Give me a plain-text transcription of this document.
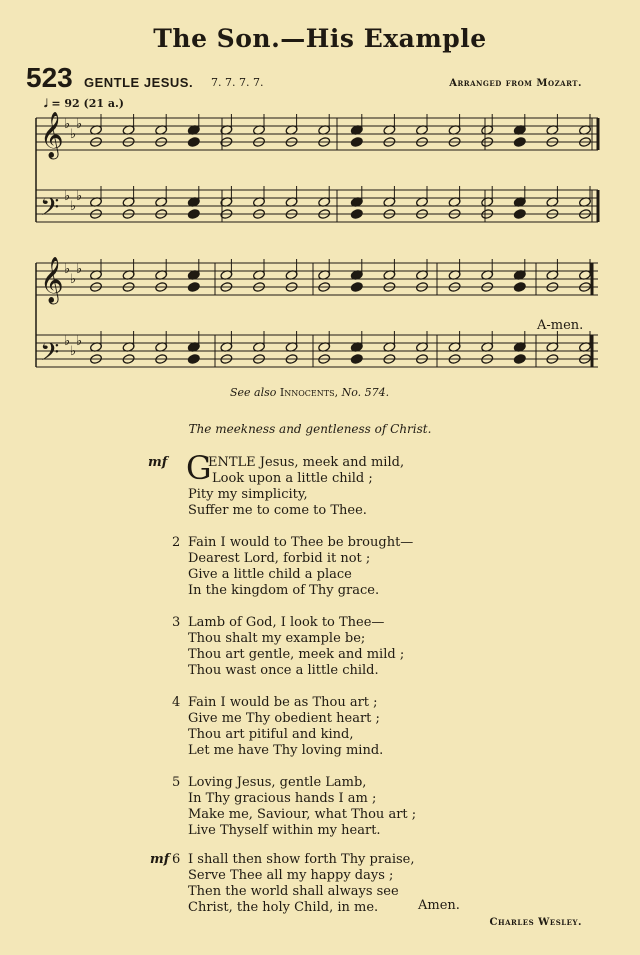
The Son.—His Example
523 GENTLE JESUS. 7. 7. 7. 7.	Arranged from Mozart.
𝅗𝅥 = 92 (21 a.)
𝄞 ♭
♭
♭
𝄢 ♭
♭
♭
𝄞 ♭
♭
♭
𝄢 ♭
♭
♭
A-men.
See also Innocents, No. 574.
The meekness and gentleness of Christ.
mf G
ENTLE Jesus, meek and mild,
Look upon a little child ;
Pity my simplicity,
Suffer me to come to Thee.
2 Fain I would to Thee be brought—
Dearest Lord, forbid it not ;
Give a little child a place
In the kingdom of Thy grace.
3 Lamb of God, I look to Thee—
Thou shalt my example be;
Thou art gentle, meek and mild ;
Thou wast once a little child.
4 Fain I would be as Thou art ;
Give me Thy obedient heart ;
Thou art pitiful and kind,
Let me have Thy loving mind.
5 Loving Jesus, gentle Lamb,
In Thy gracious hands I am ;
Make me, Saviour, what Thou art ;
Live Thyself within my heart.
6
mf I shall then show forth Thy praise,
Serve Thee all my happy days ;
Then the world shall always see
Christ, the holy Child, in me.	Amen.
Charles Wesley.
